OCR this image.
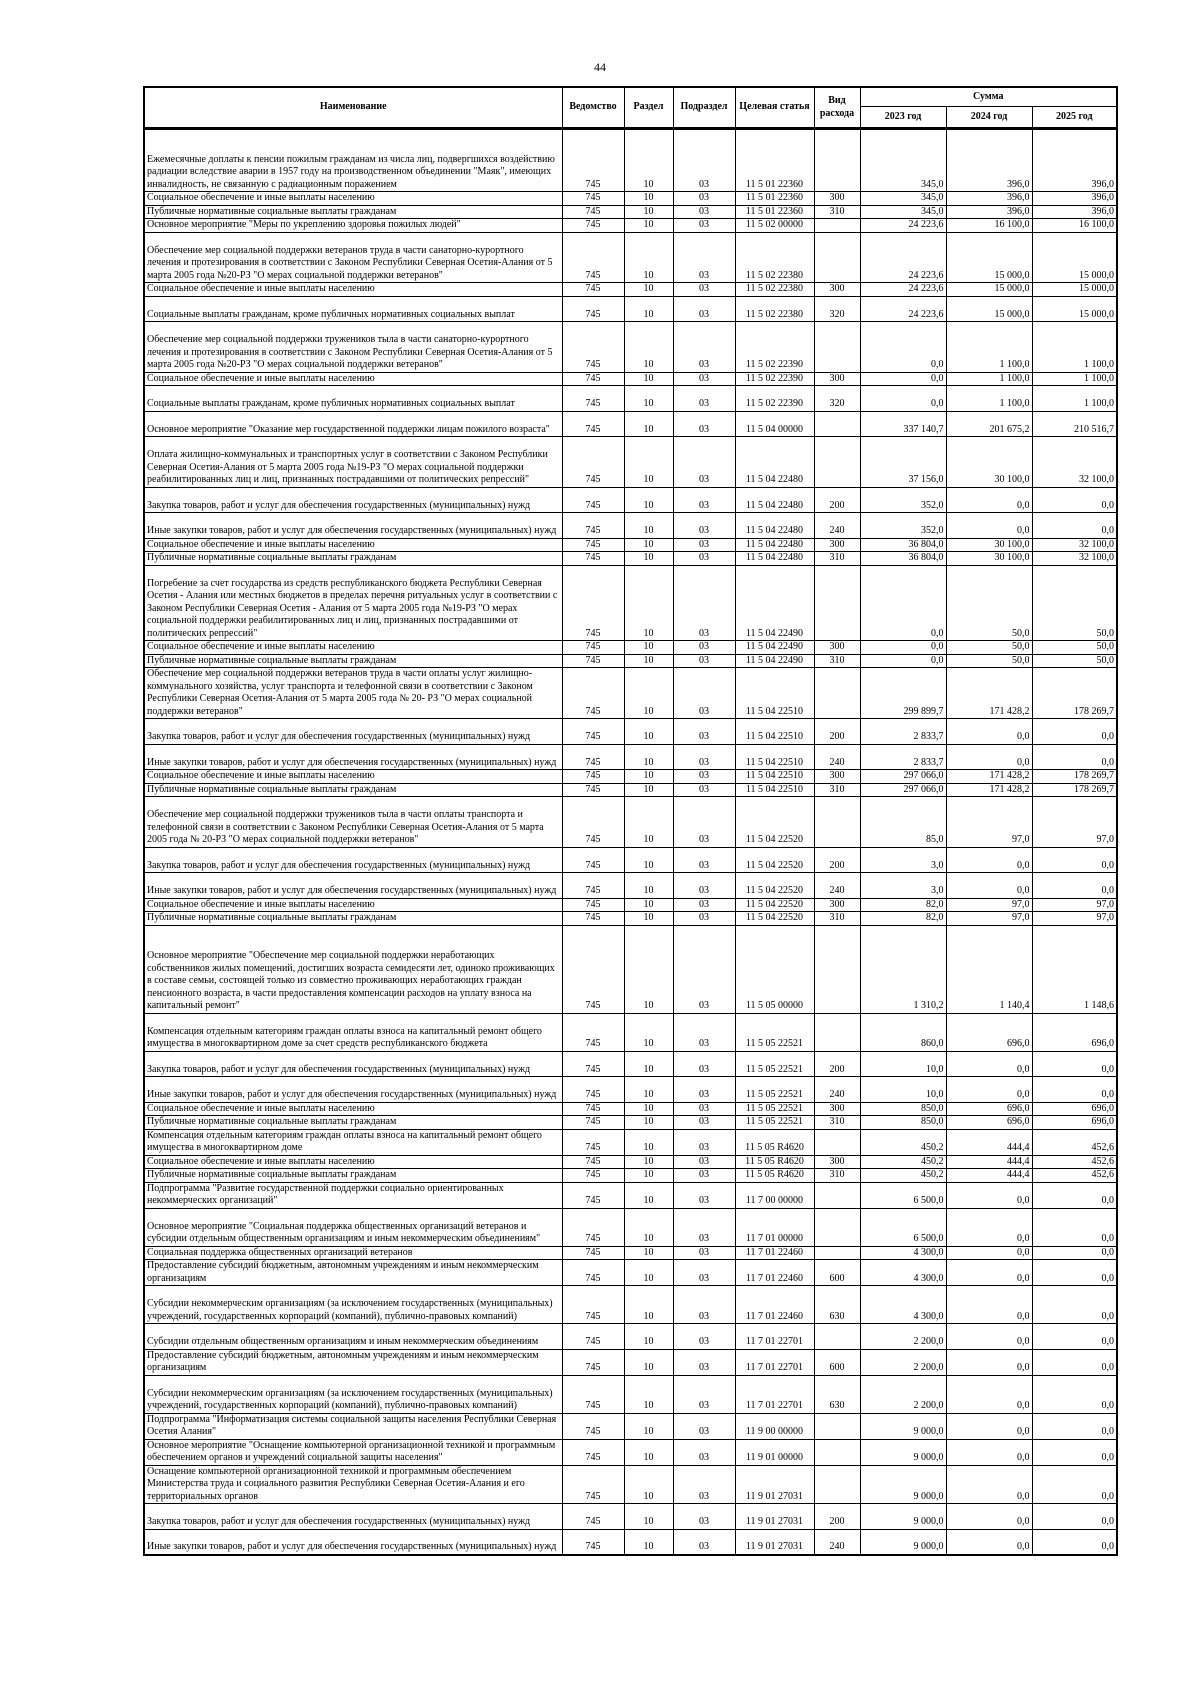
44
Наименование	Ведомство	Раздел	Подраздел	Целевая статья	Вид расхода	Сумма		
						2023 год	2024 год	2025 год
Ежемесячные доплаты к пенсии пожилым гражданам из числа лиц, подвергшихся воздействию радиации вследствие аварии в 1957 году на производственном объединении "Маяк", имеющих инвалидность, не связанную с радиационным поражением	745	10	03	11 5 01 22360		345,0	396,0	396,0
Социальное обеспечение и иные выплаты населению	745	10	03	11 5 01 22360	300	345,0	396,0	396,0
Публичные нормативные социальные выплаты гражданам	745	10	03	11 5 01 22360	310	345,0	396,0	396,0
Основное мероприятие "Меры по укреплению здоровья пожилых людей"	745	10	03	11 5 02 00000		24 223,6	16 100,0	16 100,0
Обеспечение мер социальной поддержки ветеранов труда в части санаторно-курортного лечения и протезирования в соответствии с Законом Республики Северная Осетия-Алания от 5 марта 2005 года №20-РЗ "О мерах социальной поддержки ветеранов"	745	10	03	11 5 02 22380		24 223,6	15 000,0	15 000,0
Социальное обеспечение и иные выплаты населению	745	10	03	11 5 02 22380	300	24 223,6	15 000,0	15 000,0
Социальные выплаты гражданам, кроме публичных нормативных социальных выплат	745	10	03	11 5 02 22380	320	24 223,6	15 000,0	15 000,0
Обеспечение мер социальной поддержки тружеников тыла в части санаторно-курортного лечения и протезирования в соответствии с Законом Республики Северная Осетия-Алания от 5 марта 2005 года №20-РЗ "О мерах социальной поддержки ветеранов"	745	10	03	11 5 02 22390		0,0	1 100,0	1 100,0
Социальное обеспечение и иные выплаты населению	745	10	03	11 5 02 22390	300	0,0	1 100,0	1 100,0
Социальные выплаты гражданам, кроме публичных нормативных социальных выплат	745	10	03	11 5 02 22390	320	0,0	1 100,0	1 100,0
Основное мероприятие "Оказание мер государственной поддержки лицам пожилого возраста"	745	10	03	11 5 04 00000		337 140,7	201 675,2	210 516,7
Оплата жилищно-коммунальных и транспортных услуг в соответствии с Законом Республики Северная Осетия-Алания от 5 марта 2005 года №19-РЗ "О мерах социальной поддержки реабилитированных лиц и лиц, признанных пострадавшими от политических репрессий"	745	10	03	11 5 04 22480		37 156,0	30 100,0	32 100,0
Закупка товаров, работ и услуг для обеспечения государственных (муниципальных) нужд	745	10	03	11 5 04 22480	200	352,0	0,0	0,0
Иные закупки товаров, работ и услуг для обеспечения государственных (муниципальных) нужд	745	10	03	11 5 04 22480	240	352,0	0,0	0,0
Социальное обеспечение и иные выплаты населению	745	10	03	11 5 04 22480	300	36 804,0	30 100,0	32 100,0
Публичные нормативные социальные выплаты гражданам	745	10	03	11 5 04 22480	310	36 804,0	30 100,0	32 100,0
Погребение за счет государства из средств республиканского бюджета Республики Северная Осетия - Алания или местных бюджетов в пределах перечня ритуальных услуг в соответствии с Законом Республики Северная Осетия - Алания от 5 марта 2005 года №19-РЗ "О мерах социальной поддержки реабилитированных лиц и лиц, признанных пострадавшими от политических репрессий"	745	10	03	11 5 04 22490		0,0	50,0	50,0
Социальное обеспечение и иные выплаты населению	745	10	03	11 5 04 22490	300	0,0	50,0	50,0
Публичные нормативные социальные выплаты гражданам	745	10	03	11 5 04 22490	310	0,0	50,0	50,0
Обеспечение мер социальной поддержки ветеранов труда в части оплаты услуг жилищно-коммунального хозяйства, услуг транспорта и телефонной связи в соответствии с Законом Республики Северная Осетия-Алания от 5 марта 2005 года № 20- РЗ "О мерах социальной поддержки ветеранов"	745	10	03	11 5 04 22510		299 899,7	171 428,2	178 269,7
Закупка товаров, работ и услуг для обеспечения государственных (муниципальных) нужд	745	10	03	11 5 04 22510	200	2 833,7	0,0	0,0
Иные закупки товаров, работ и услуг для обеспечения государственных (муниципальных) нужд	745	10	03	11 5 04 22510	240	2 833,7	0,0	0,0
Социальное обеспечение и иные выплаты населению	745	10	03	11 5 04 22510	300	297 066,0	171 428,2	178 269,7
Публичные нормативные социальные выплаты гражданам	745	10	03	11 5 04 22510	310	297 066,0	171 428,2	178 269,7
Обеспечение мер социальной поддержки тружеников тыла в части оплаты транспорта и телефонной связи в соответствии с Законом Республики Северная Осетия-Алания от 5 марта 2005 года № 20-РЗ "О мерах социальной поддержки ветеранов"	745	10	03	11 5 04 22520		85,0	97,0	97,0
Закупка товаров, работ и услуг для обеспечения государственных (муниципальных) нужд	745	10	03	11 5 04 22520	200	3,0	0,0	0,0
Иные закупки товаров, работ и услуг для обеспечения государственных (муниципальных) нужд	745	10	03	11 5 04 22520	240	3,0	0,0	0,0
Социальное обеспечение и иные выплаты населению	745	10	03	11 5 04 22520	300	82,0	97,0	97,0
Публичные нормативные социальные выплаты гражданам	745	10	03	11 5 04 22520	310	82,0	97,0	97,0
Основное мероприятие "Обеспечение мер социальной поддержки неработающих собственников жилых помещений, достигших возраста семидесяти лет, одиноко проживающих в составе семьи, состоящей только из совместно проживающих неработающих граждан пенсионного возраста, в части предоставления компенсации расходов на уплату взноса на капитальный ремонт"	745	10	03	11 5 05 00000		1 310,2	1 140,4	1 148,6
Компенсация отдельным категориям граждан оплаты взноса на капитальный ремонт общего имущества в многоквартирном доме за счет средств республиканского бюджета	745	10	03	11 5 05 22521		860,0	696,0	696,0
Закупка товаров, работ и услуг для обеспечения государственных (муниципальных) нужд	745	10	03	11 5 05 22521	200	10,0	0,0	0,0
Иные закупки товаров, работ и услуг для обеспечения государственных (муниципальных) нужд	745	10	03	11 5 05 22521	240	10,0	0,0	0,0
Социальное обеспечение и иные выплаты населению	745	10	03	11 5 05 22521	300	850,0	696,0	696,0
Публичные нормативные социальные выплаты гражданам	745	10	03	11 5 05 22521	310	850,0	696,0	696,0
Компенсация отдельным категориям граждан оплаты взноса на капитальный ремонт общего имущества в многоквартирном доме	745	10	03	11 5 05 R4620		450,2	444,4	452,6
Социальное обеспечение и иные выплаты населению	745	10	03	11 5 05 R4620	300	450,2	444,4	452,6
Публичные нормативные социальные выплаты гражданам	745	10	03	11 5 05 R4620	310	450,2	444,4	452,6
Подпрограмма "Развитие государственной поддержки социально ориентированных некоммерческих организаций"	745	10	03	11 7 00 00000		6 500,0	0,0	0,0
Основное мероприятие "Социальная поддержка общественных организаций ветеранов и субсидии отдельным общественным организациям и иным некоммерческим объединениям"	745	10	03	11 7 01 00000		6 500,0	0,0	0,0
Социальная поддержка общественных организаций ветеранов	745	10	03	11 7 01 22460		4 300,0	0,0	0,0
Предоставление субсидий бюджетным, автономным учреждениям и иным некоммерческим организациям	745	10	03	11 7 01 22460	600	4 300,0	0,0	0,0
Субсидии некоммерческим организациям (за исключением государственных (муниципальных) учреждений, государственных корпораций (компаний), публично-правовых компаний)	745	10	03	11 7 01 22460	630	4 300,0	0,0	0,0
Субсидии отдельным общественным организациям и иным некоммерческим объединениям	745	10	03	11 7 01 22701		2 200,0	0,0	0,0
Предоставление субсидий бюджетным, автономным учреждениям и иным некоммерческим организациям	745	10	03	11 7 01 22701	600	2 200,0	0,0	0,0
Субсидии некоммерческим организациям (за исключением государственных (муниципальных) учреждений, государственных корпораций (компаний), публично-правовых компаний)	745	10	03	11 7 01 22701	630	2 200,0	0,0	0,0
Подпрограмма "Информатизация системы социальной защиты населения Республики Северная Осетия Алания"	745	10	03	11 9 00 00000		9 000,0	0,0	0,0
Основное мероприятие "Оснащение компьютерной организационной техникой и программным обеспечением органов и учреждений социальной защиты населения"	745	10	03	11 9 01 00000		9 000,0	0,0	0,0
Оснащение компьютерной организационной техникой и программным обеспечением Министерства труда и социального развития Республики Северная Осетия-Алания и его территориальных органов	745	10	03	11 9 01 27031		9 000,0	0,0	0,0
Закупка товаров, работ и услуг для обеспечения государственных (муниципальных) нужд	745	10	03	11 9 01 27031	200	9 000,0	0,0	0,0
Иные закупки товаров, работ и услуг для обеспечения государственных (муниципальных) нужд	745	10	03	11 9 01 27031	240	9 000,0	0,0	0,0
